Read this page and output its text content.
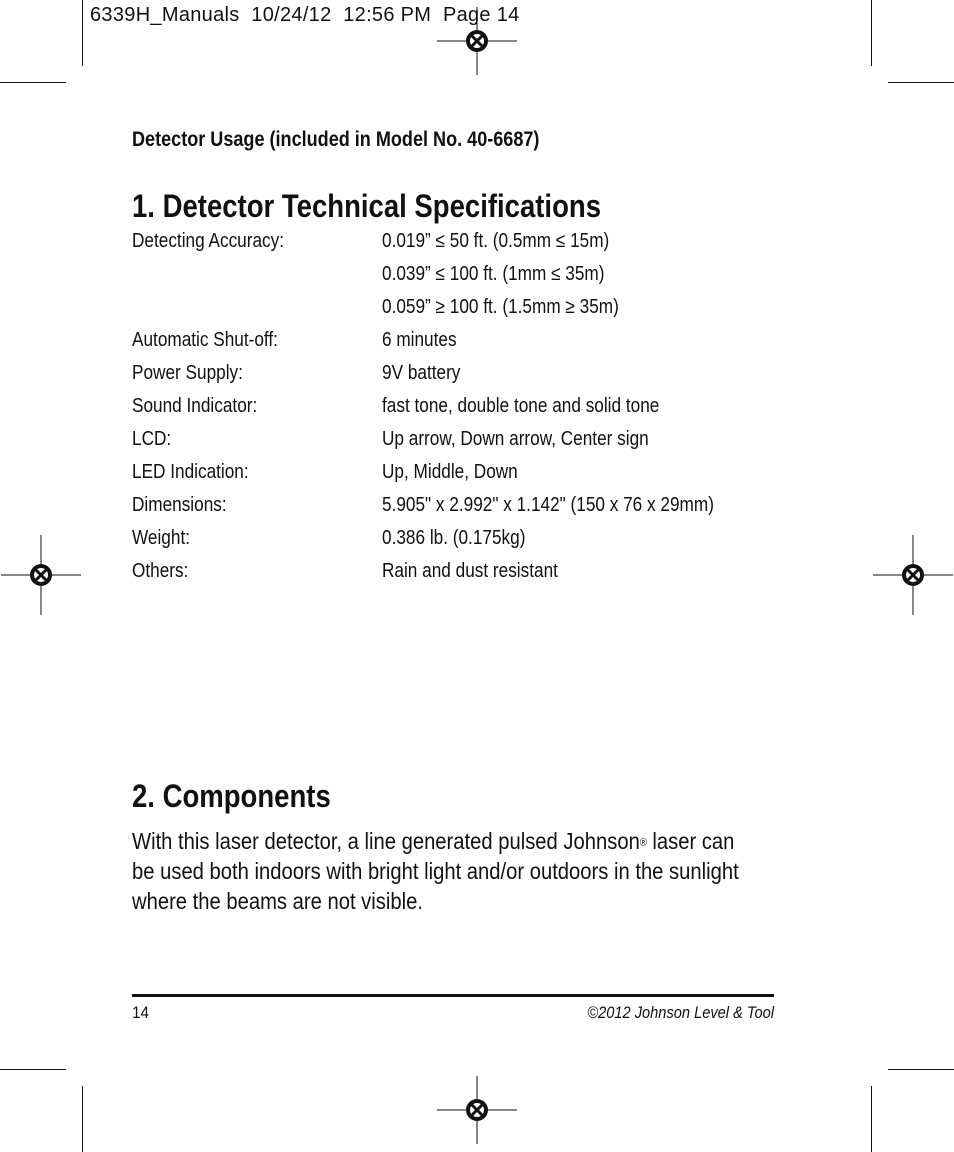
6339H_Manuals  10/24/12  12:56 PM  Page 14
Detector Usage (included in Model No. 40-6687)
1. Detector Technical Specifications
Detecting Accuracy:	0.019” ≤ 50 ft. (0.5mm ≤ 15m)
0.039” ≤ 100 ft. (1mm ≤ 35m)
0.059” ≥ 100 ft. (1.5mm ≥ 35m)
Automatic Shut-off:	6 minutes
Power Supply:	9V battery
Sound Indicator:	fast tone, double tone and solid tone
LCD:	Up arrow, Down arrow, Center sign
LED Indication:	Up, Middle, Down
Dimensions:	5.905" x 2.992" x 1.142" (150 x 76 x 29mm)
Weight:	0.386 lb. (0.175kg)
Others:	Rain and dust resistant
2. Components
With this laser detector, a line generated pulsed Johnson® laser can be used both indoors with bright light and/or outdoors in the sunlight where the beams are not visible.
14	©2012 Johnson Level & Tool
